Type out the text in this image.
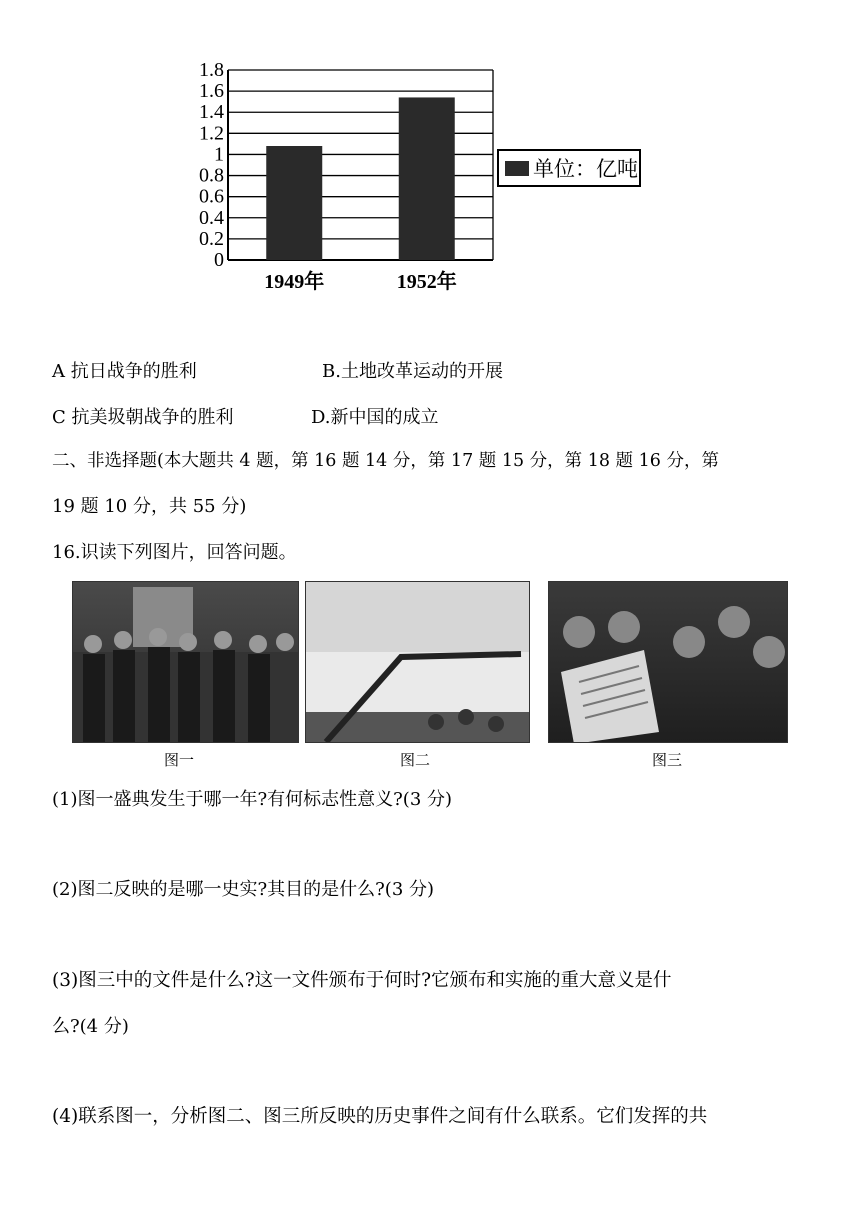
0
0.2
0.4
0.6
0.8
1
1.2
1.4
1.6
1.8
1949年	1952年
单位：亿吨
A 抗日战争的胜利	B.土地改革运动的开展
C 抗美圾朝战争的胜利	D.新中国的成立
二、非选择题(本大题共 4 题，第 16 题 14 分，第 17 题 15 分，第 18 题 16 分，第
19 题 10 分，共 55 分)
16.识读下列图片，回答问题。
图一	图二	图三
(1)图一盛典发生于哪一年?有何标志性意义?(3 分)
(2)图二反映的是哪一史实?其目的是什么?(3 分)
(3)图三中的文件是什么?这一文件颁布于何时?它颁布和实施的重大意义是什
么?(4 分)
(4)联系图一，分析图二、图三所反映的历史事件之间有什么联系。它们发挥的共
